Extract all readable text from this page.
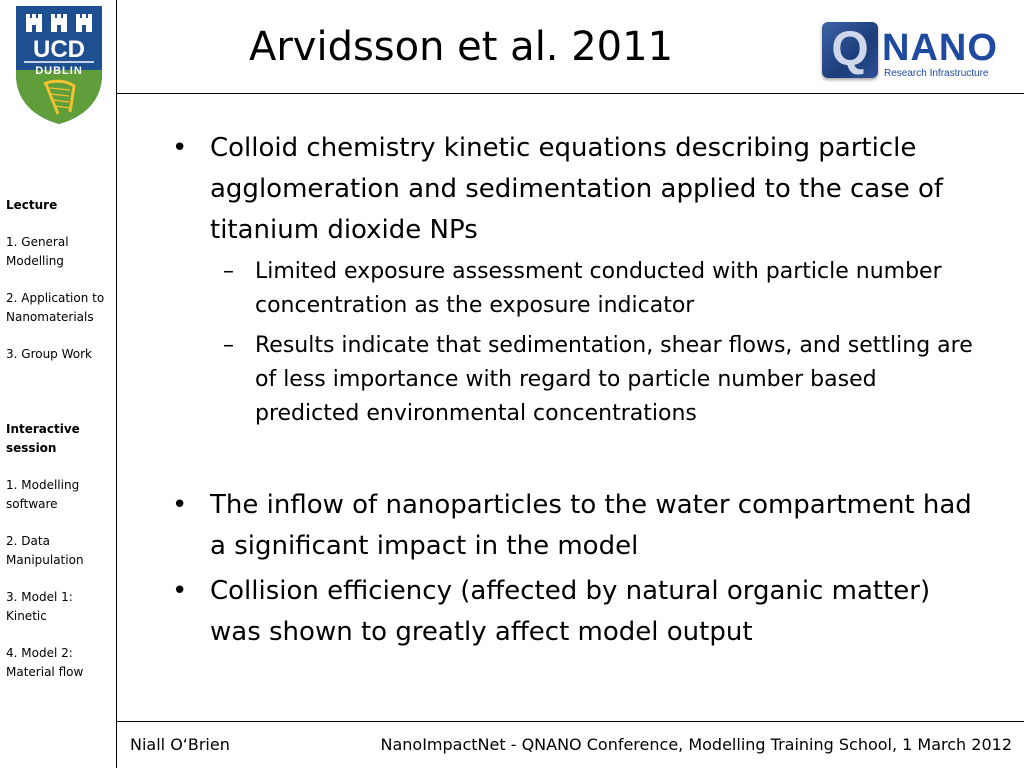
UCD
DUBLIN
Arvidsson et al. 2011	Q NANO
Research Infrastructure
Lecture
1. General Modelling
2. Application to Nanomaterials
3. Group Work
Interactive session
1. Modelling software
2. Data Manipulation
3. Model 1: Kinetic
4. Model 2: Material flow
• Colloid chemistry kinetic equations describing particle agglomeration and sedimentation applied to the case of titanium dioxide NPs
– Limited exposure assessment conducted with particle number concentration as the exposure indicator
– Results indicate that sedimentation, shear flows, and settling are of less importance with regard to particle number based predicted environmental concentrations
• The inflow of nanoparticles to the water compartment had a significant impact in the model
• Collision efficiency (affected by natural organic matter) was shown to greatly affect model output
Niall O‘Brien	NanoImpactNet - QNANO Conference, Modelling Training School, 1 March 2012
